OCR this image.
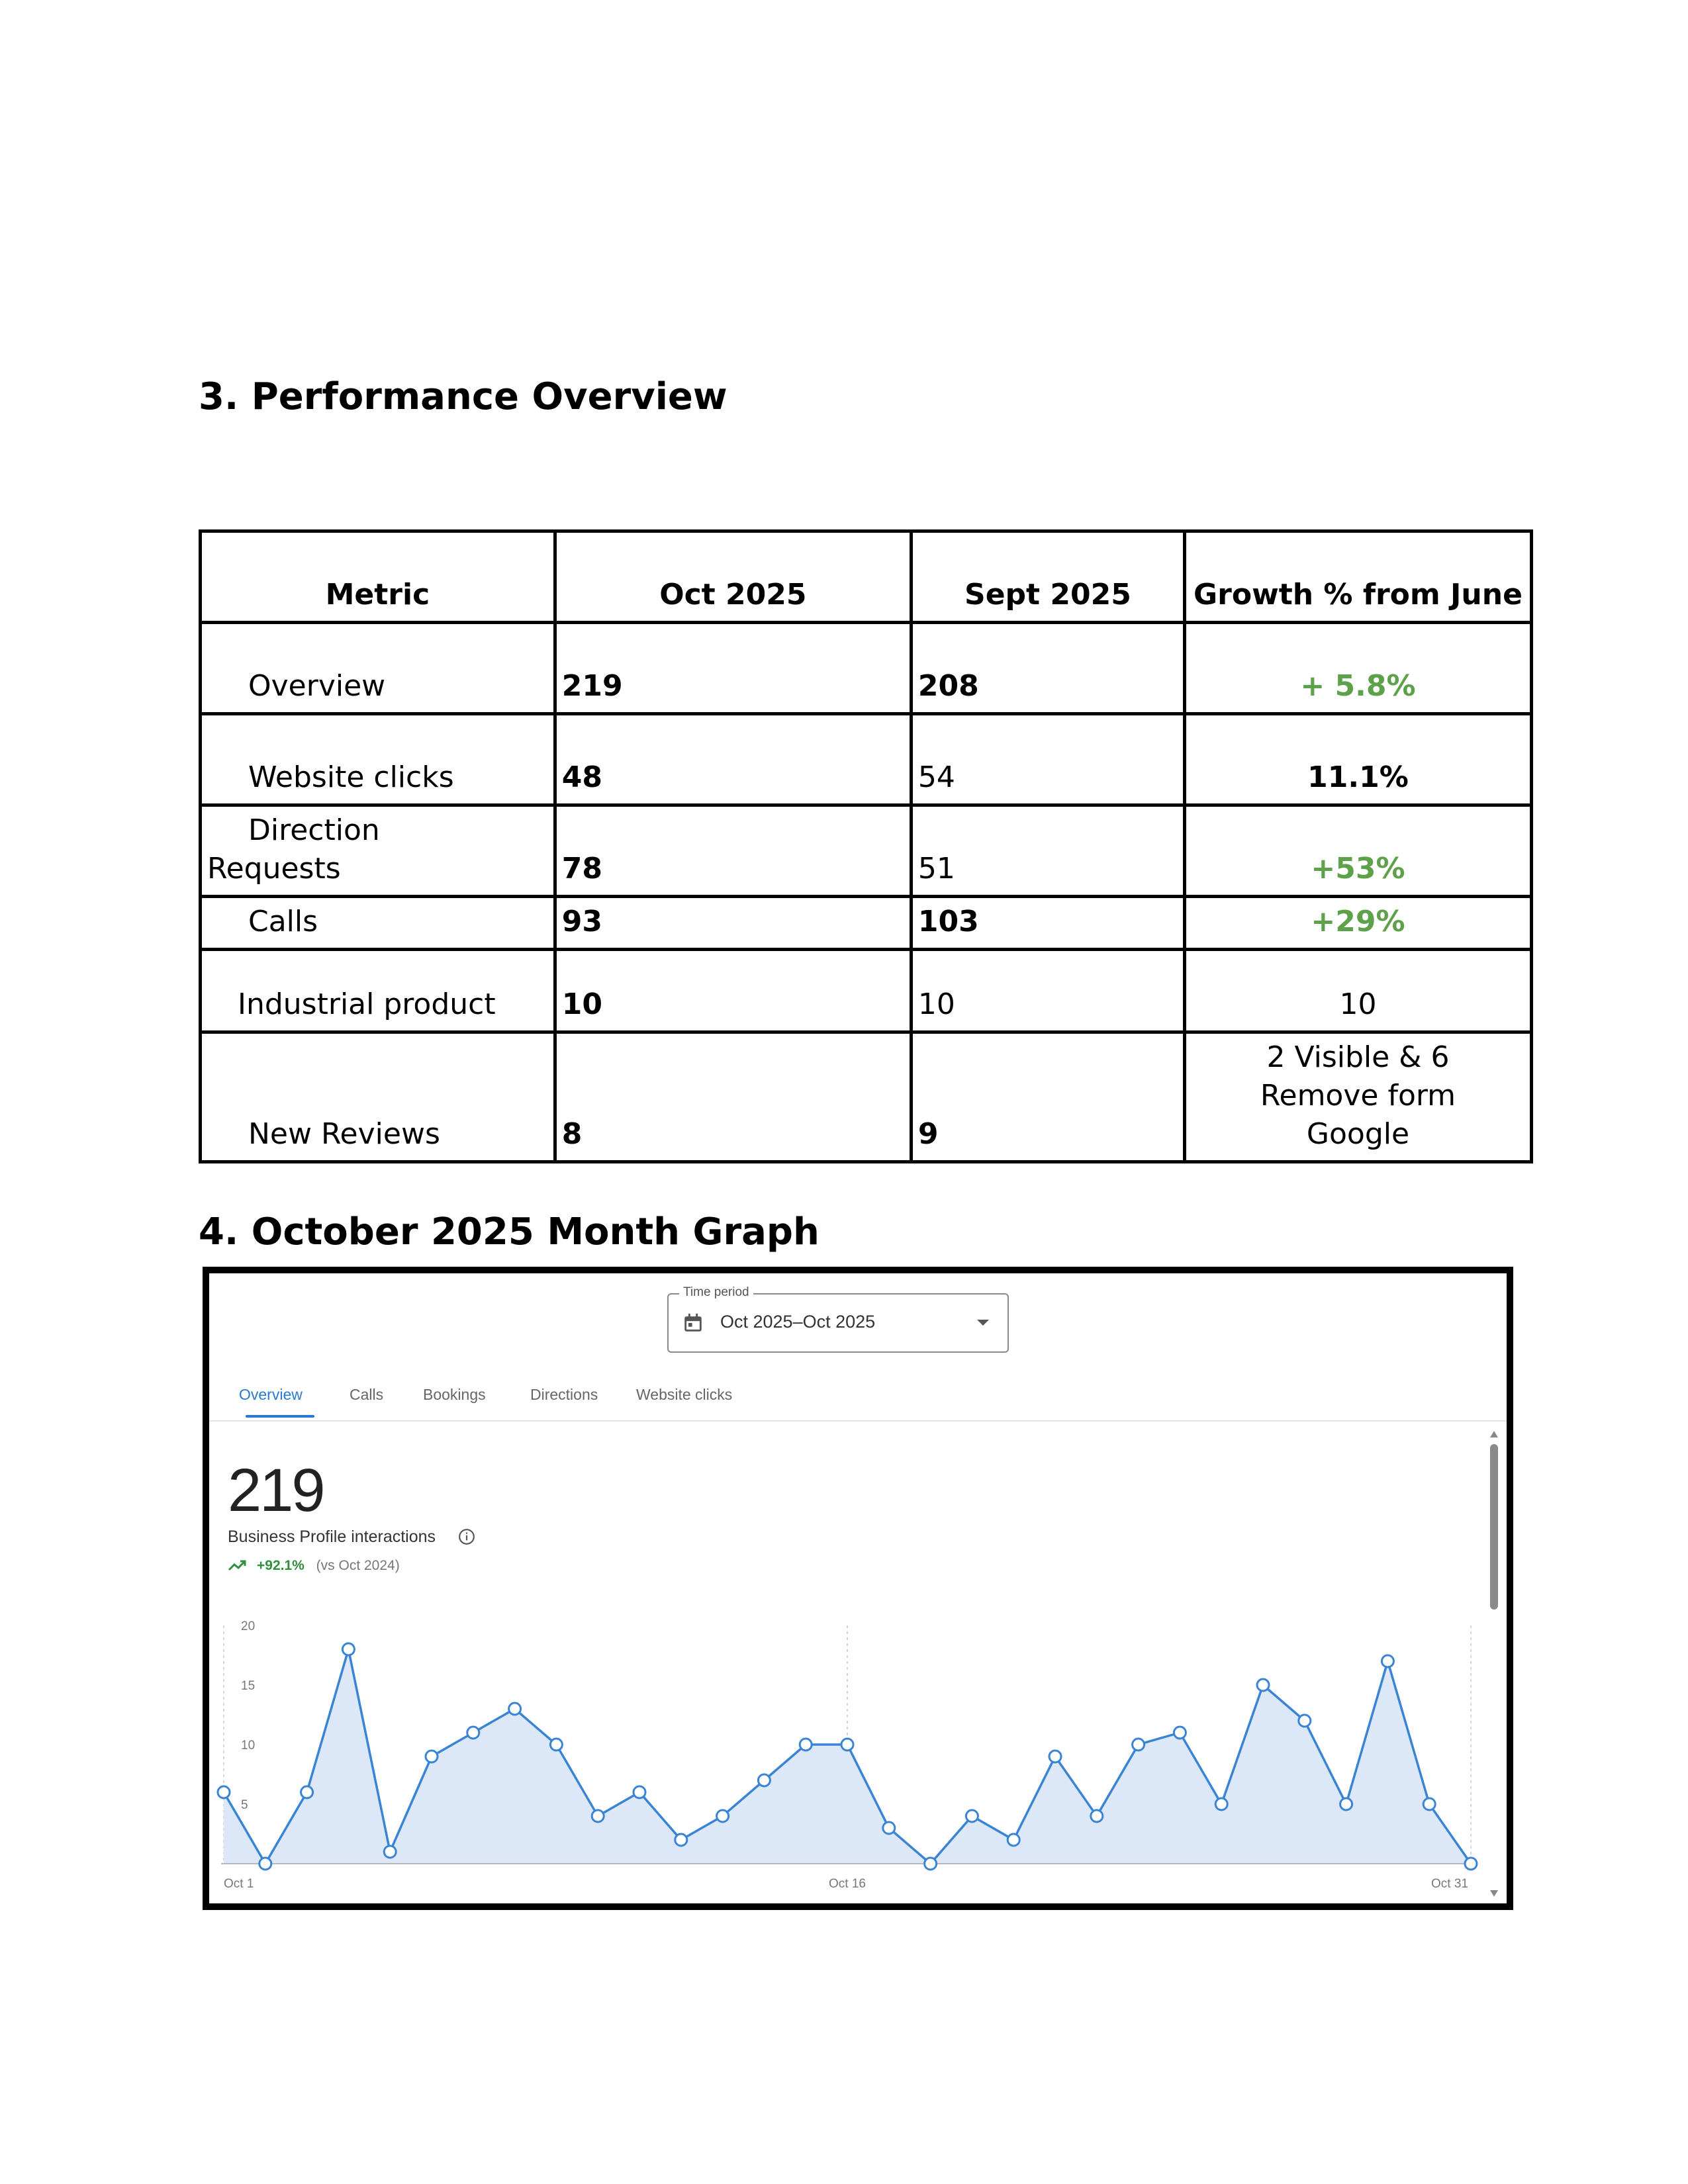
3. Performance Overview
Metric	Oct 2025	Sept 2025	Growth % from June
Overview	219	208	+ 5.8%
Website clicks	48	54	11.1%

Direction
Requests	78	51	+53%
Calls	93	103	+29%
Industrial product	10	10	10
New Reviews	8	9	2 Visible & 6
Remove form
Google
4. October 2025 Month Graph
20
15
10
5
Oct 1	Oct 16	Oct 31
Time period
Oct 2025–Oct 2025
Overview	Calls	Bookings	Directions	Website clicks
219
Business Profile interactions
+92.1% (vs Oct 2024)
